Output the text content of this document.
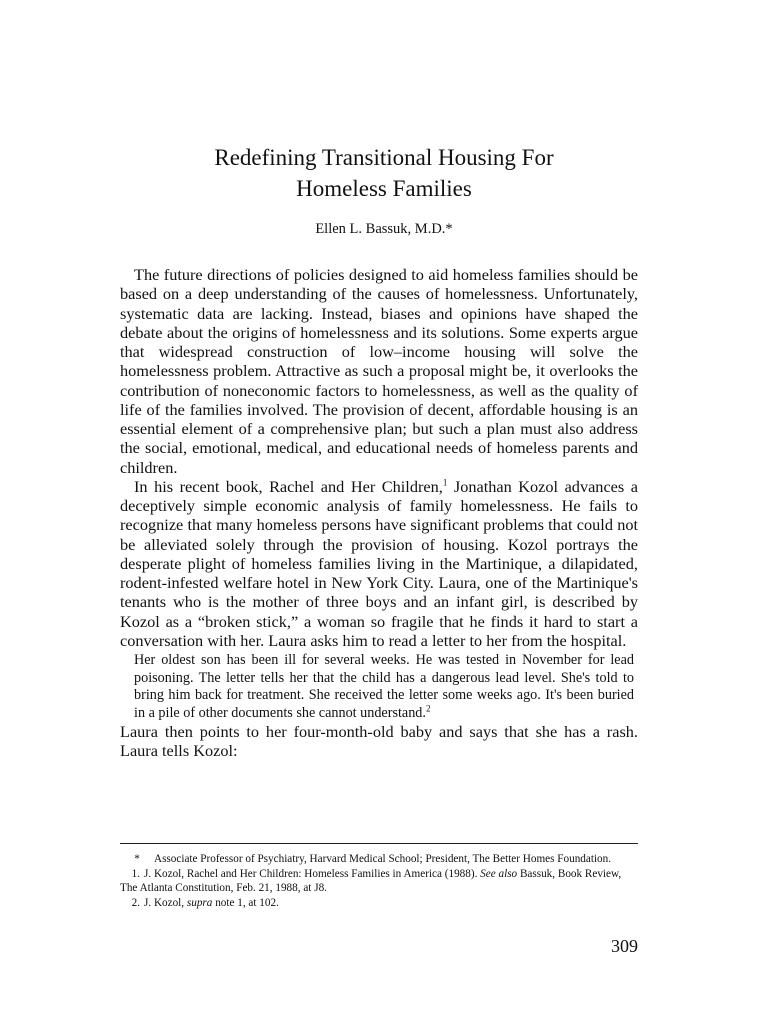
Redefining Transitional Housing For
Homeless Families

Ellen L. Bassuk, M.D.*

The future directions of policies designed to aid homeless families should be based on a deep understanding of the causes of homelessness. Unfortunately, systematic data are lacking. Instead, biases and opinions have shaped the debate about the origins of homelessness and its solutions. Some experts argue that widespread construction of low–income housing will solve the homelessness problem. Attractive as such a proposal might be, it overlooks the contribution of noneconomic factors to homelessness, as well as the quality of life of the families involved. The provision of decent, affordable housing is an essential element of a comprehensive plan; but such a plan must also address the social, emotional, medical, and educational needs of homeless parents and children.

In his recent book, Rachel and Her Children,$^1$ Jonathan Kozol advances a deceptively simple economic analysis of family homelessness. He fails to recognize that many homeless persons have significant problems that could not be alleviated solely through the provision of housing. Kozol portrays the desperate plight of homeless families living in the Martinique, a dilapidated, rodent-infested welfare hotel in New York City. Laura, one of the Martinique's tenants who is the mother of three boys and an infant girl, is described by Kozol as a “broken stick,” a woman so fragile that he finds it hard to start a conversation with her. Laura asks him to read a letter to her from the hospital.

Her oldest son has been ill for several weeks. He was tested in November for lead poisoning. The letter tells her that the child has a dangerous lead level. She's told to bring him back for treatment. She received the letter some weeks ago. It's been buried in a pile of other documents she cannot understand.$^2$

Laura then points to her four-month-old baby and says that she has a rash. Laura tells Kozol:

* Associate Professor of Psychiatry, Harvard Medical School; President, The Better Homes Foundation.

1. J. Kozol, Rachel and Her Children: Homeless Families in America (1988). See also Bassuk, Book Review, The Atlanta Constitution, Feb. 21, 1988, at J8.

2. J. Kozol, supra note 1, at 102.

309
